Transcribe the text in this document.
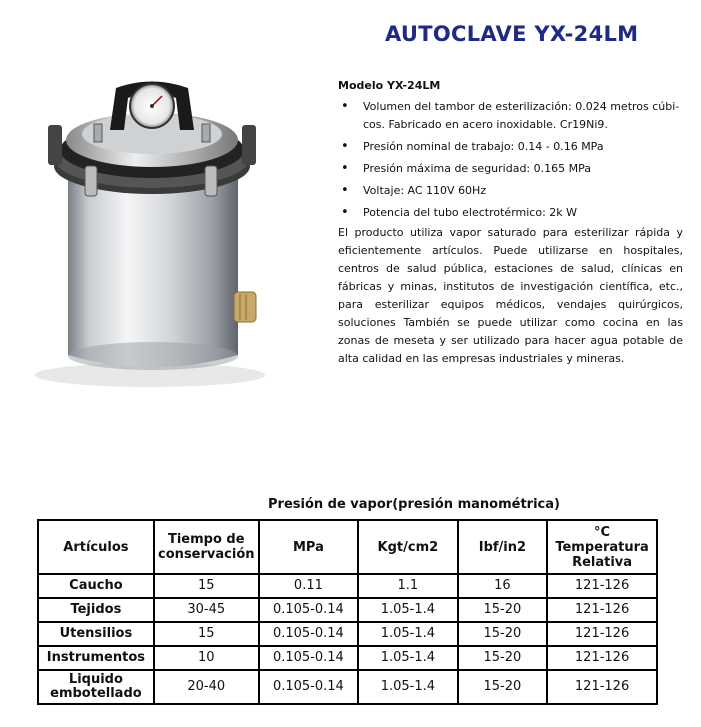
AUTOCLAVE YX-24LM
Modelo YX-24LM
• Volumen del tambor de esterilización: 0.024 metros cúbi-cos. Fabricado en acero inoxidable. Cr19Ni9.
• Presión nominal de trabajo: 0.14 - 0.16 MPa
• Presión máxima de seguridad: 0.165 MPa
• Voltaje: AC 110V 60Hz
• Potencia del tubo electrotérmico: 2k W
El producto utiliza vapor saturado para esterilizar rápida y eficientemente artículos. Puede utilizarse en hospitales, centros de salud pública, estaciones de salud, clínicas en fábricas y minas, institutos de investigación científica, etc., para esterilizar equipos médicos, vendajes quirúrgicos, soluciones También se puede utilizar como cocina en las zonas de meseta y ser utilizado para hacer agua potable de alta calidad en las empresas industriales y mineras.
Presión de vapor(presión manométrica)
Artículos	Tiempo de conservación	MPa	Kgt/cm2	Ibf/in2	°C Temperatura Relativa
Caucho	15	0.11	1.1	16	121-126
Tejidos	30-45	0.105-0.14	1.05-1.4	15-20	121-126
Utensilios	15	0.105-0.14	1.05-1.4	15-20	121-126
Instrumentos	10	0.105-0.14	1.05-1.4	15-20	121-126
Liquido embotellado	20-40	0.105-0.14	1.05-1.4	15-20	121-126
